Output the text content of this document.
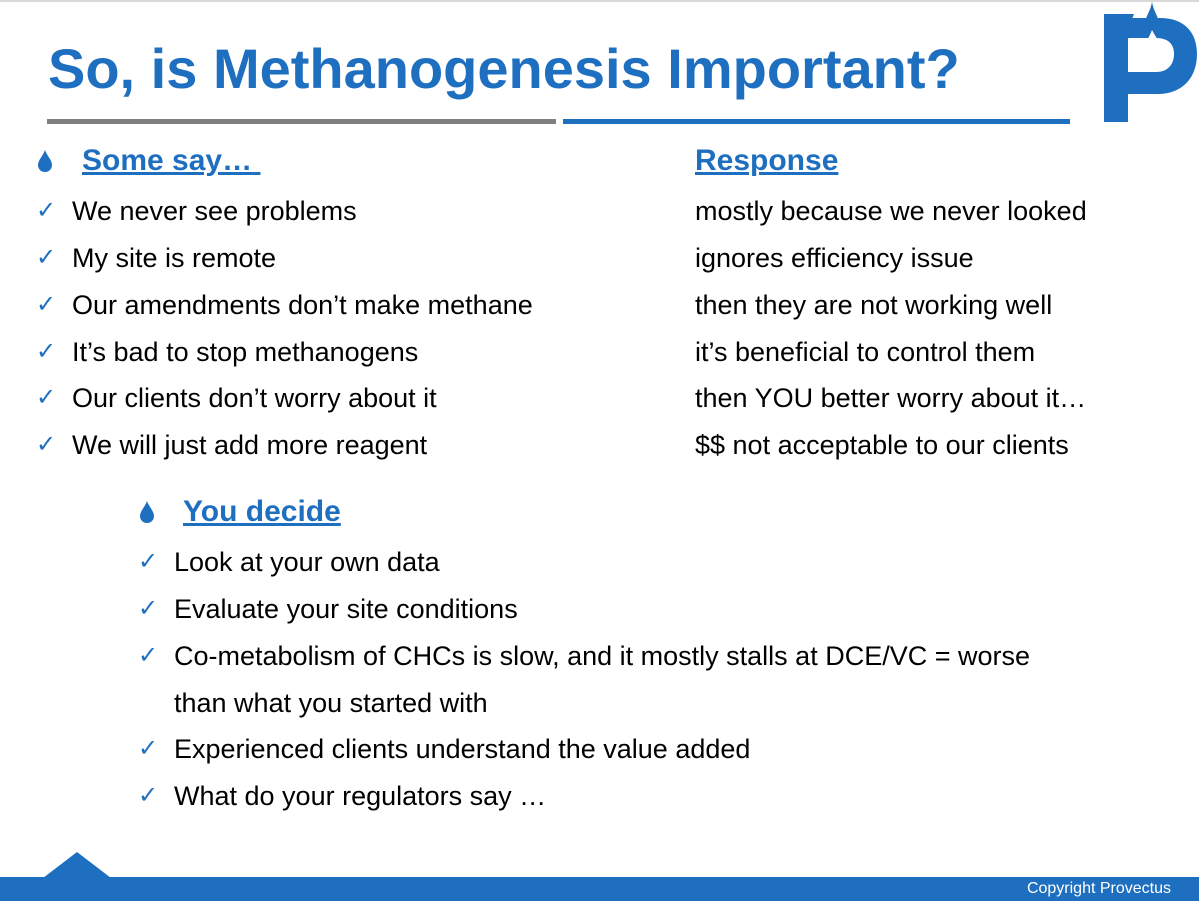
So, is Methanogenesis Important?
Some say…
✓ We never see problems
✓ My site is remote
✓ Our amendments don’t make methane
✓ It’s bad to stop methanogens
✓ Our clients don’t worry about it
✓ We will just add more reagent
Response
mostly because we never looked
ignores efficiency issue
then they are not working well
it’s beneficial to control them
then YOU better worry about it…
$$ not acceptable to our clients
You decide
✓ Look at your own data
✓ Evaluate your site conditions
✓ Co-metabolism of CHCs is slow, and it mostly stalls at DCE/VC = worse
than what you started with
✓ Experienced clients understand the value added
✓ What do your regulators say …
Copyright Provectus
